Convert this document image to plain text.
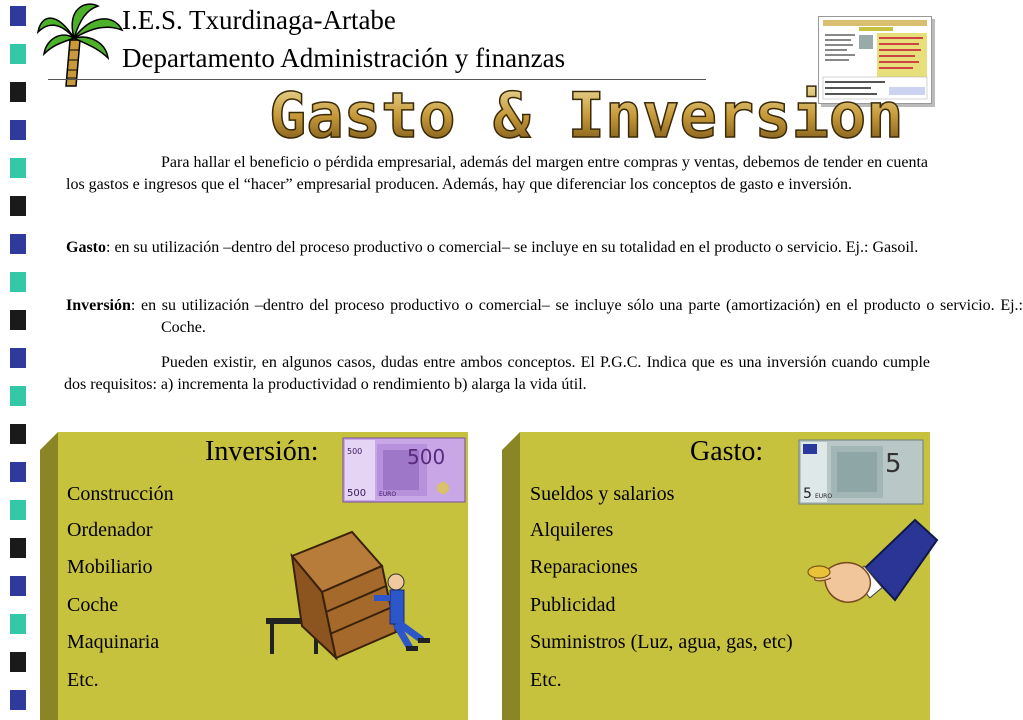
I.E.S. Txurdinaga-Artabe
Departamento Administración y finanzas
Gasto & Inversion
Para hallar el beneficio o pérdida empresarial, además del margen entre compras y ventas, debemos de tender en cuenta los gastos e ingresos que el “hacer” empresarial producen. Además, hay que diferenciar los conceptos de gasto e inversión.
Gasto: en su utilización –dentro del proceso productivo o comercial– se incluye en su totalidad en el producto o servicio. Ej.: Gasoil.
Inversión: en su utilización –dentro del proceso productivo o comercial– se incluye sólo una parte (amortización) en el producto o servicio. Ej.: Coche.
Pueden existir, en algunos casos, dudas entre ambos conceptos. El P.G.C. Indica que es una inversión cuando cumple dos requisitos: a) incrementa la productividad o rendimiento b) alarga la vida útil.
Inversión:	500
500
500
EURO
Construcción
Ordenador
Mobiliario
Coche
Maquinaria
Etc.
Gasto:	5
5 EURO
Sueldos y salarios
Alquileres
Reparaciones
Publicidad
Suministros (Luz, agua, gas, etc)
Etc.
